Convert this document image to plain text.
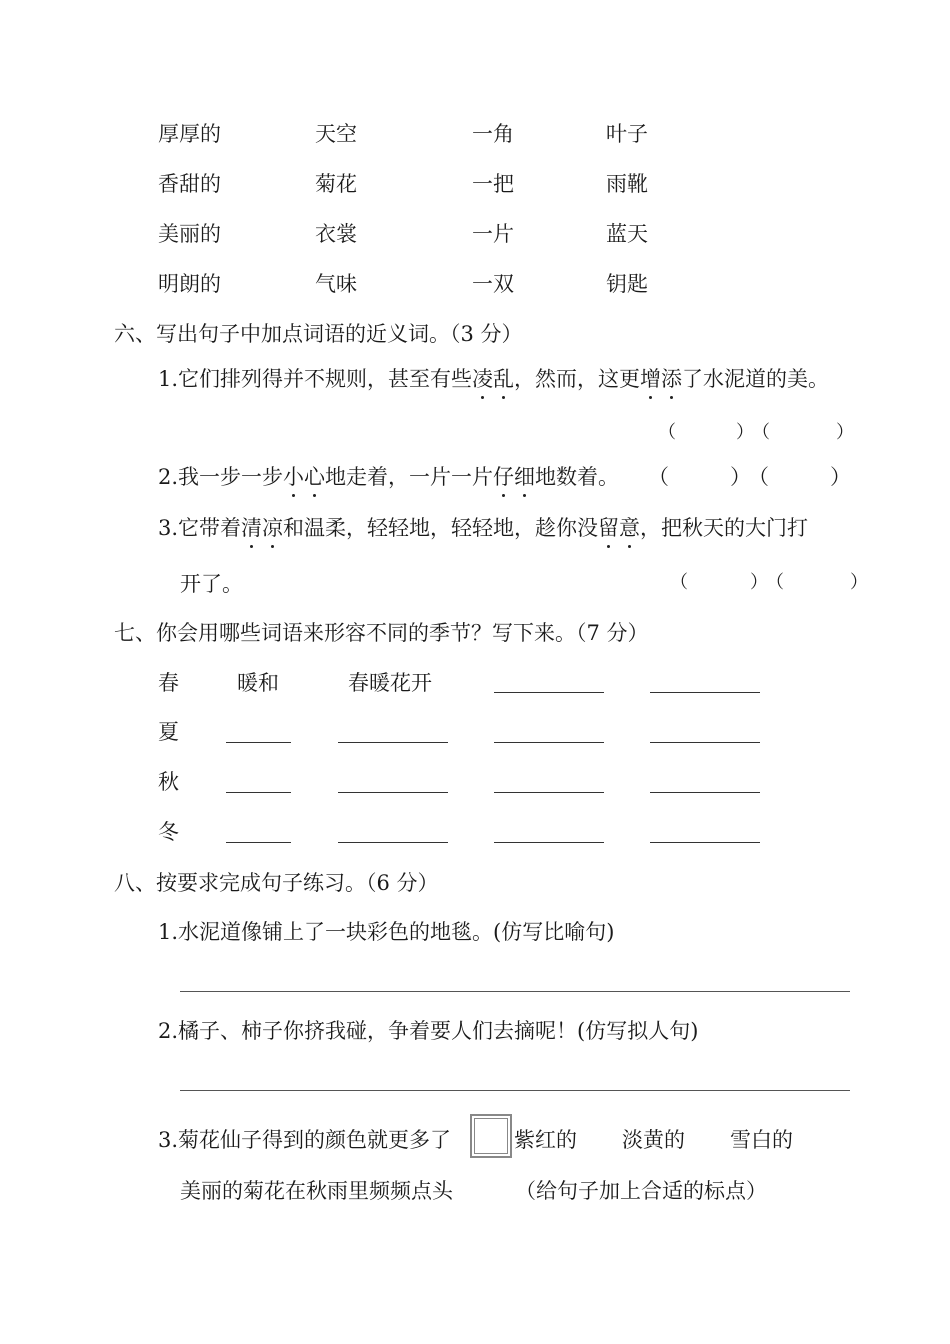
厚厚的	天空	一角	叶子
香甜的	菊花	一把	雨靴
美丽的	衣裳	一片	蓝天
明朗的	气味	一双	钥匙
六、写出句子中加点词语的近义词。（3 分）
1.它们排列得并不规则，甚至有些凌乱，然而，这更增添了水泥道的美。
（	）
（	）
2.我一步一步小心地走着，一片一片仔细地数着。 （	）
（	）
3.它带着清凉和温柔，轻轻地，轻轻地，趁你没留意，把秋天的大门打
开了。	（	）
（	）
七、你会用哪些词语来形容不同的季节？写下来。（7 分）
春	暖和	春暖花开
夏
秋
冬
八、按要求完成句子练习。（6 分）
1.水泥道像铺上了一块彩色的地毯。(仿写比喻句)
2.橘子、柿子你挤我碰，争着要人们去摘呢！(仿写拟人句)
3.菊花仙子得到的颜色就更多了	紫红的 淡黄的 雪白的
美丽的菊花在秋雨里频频点头	（给句子加上合适的标点）
